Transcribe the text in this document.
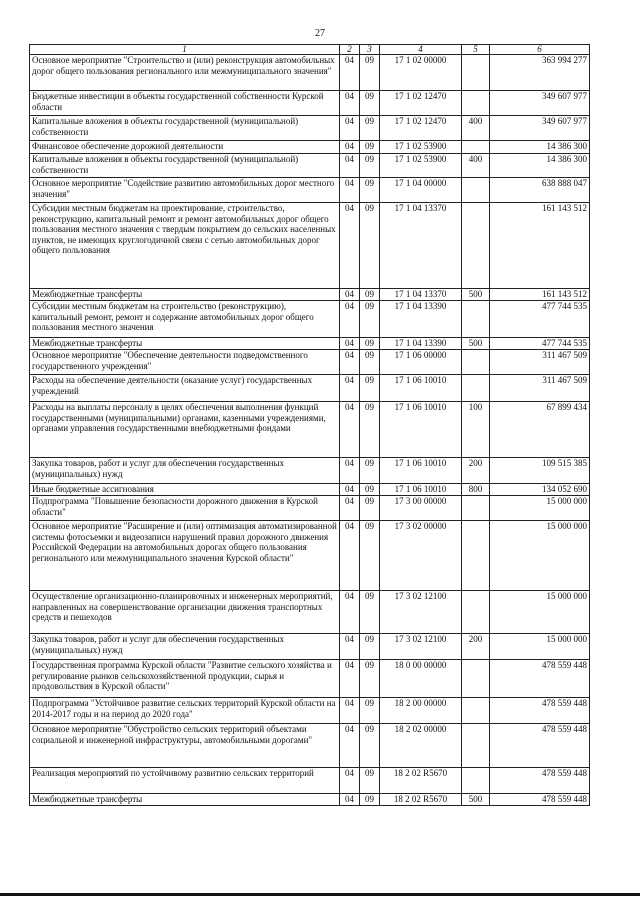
27
1	2	3	4	5	6
Основное мероприятие "Строительство и (или) реконструкция автомобильных дорог общего пользования регионального или межмуниципального значения"	04	09	17 1 02 00000		363 994 277
Бюджетные инвестиции в объекты государственной собственности Курской области	04	09	17 1 02 12470		349 607 977
Капитальные вложения в объекты государственной (муниципальной) собственности	04	09	17 1 02 12470	400	349 607 977
Финансовое обеспечение дорожной деятельности	04	09	17 1 02 53900		14 386 300
Капитальные вложения в объекты государственной (муниципальной) собственности	04	09	17 1 02 53900	400	14 386 300
Основное мероприятие "Содействие развитию автомобильных дорог местного значения"	04	09	17 1 04 00000		638 888 047
Субсидии местным бюджетам на проектирование, строительство, реконструкцию, капитальный ремонт и ремонт автомобильных дорог общего пользования местного значения с твердым покрытием до сельских населенных пунктов, не имеющих круглогодичной связи с сетью автомобильных дорог общего пользования	04	09	17 1 04 13370		161 143 512
Межбюджетные трансферты	04	09	17 1 04 13370	500	161 143 512
Субсидии местным бюджетам на строительство (реконструкцию), капитальный ремонт, ремонт и содержание автомобильных дорог общего пользования местного значения	04	09	17 1 04 13390		477 744 535
Межбюджетные трансферты	04	09	17 1 04 13390	500	477 744 535
Основное мероприятие "Обеспечение деятельности подведомственного государственного учреждения"	04	09	17 1 06 00000		311 467 509
Расходы на обеспечение деятельности (оказание услуг) государственных учреждений	04	09	17 1 06 10010		311 467 509
Расходы на выплаты персоналу в целях обеспечения выполнения функций государственными (муниципальными) органами, казенными учреждениями, органами управления государственными внебюджетными фондами	04	09	17 1 06 10010	100	67 899 434
Закупка товаров, работ и услуг для обеспечения государственных (муниципальных) нужд	04	09	17 1 06 10010	200	109 515 385
Иные бюджетные ассигнования	04	09	17 1 06 10010	800	134 052 690
Подпрограмма "Повышение безопасности дорожного движения в Курской области"	04	09	17 3 00 00000		15 000 000
Основное мероприятие "Расширение и (или) оптимизация автоматизированной системы фотосъемки и видеозаписи нарушений правил дорожного движения Российской Федерации на автомобильных дорогах общего пользования регионального или межмуниципального значения Курской области"	04	09	17 3 02 00000		15 000 000
Осуществление организационно-планировочных и инженерных мероприятий, направленных на совершенствование организации движения транспортных средств и пешеходов	04	09	17 3 02 12100		15 000 000
Закупка товаров, работ и услуг для обеспечения государственных (муниципальных) нужд	04	09	17 3 02 12100	200	15 000 000
Государственная программа Курской области "Развитие сельского хозяйства и регулирование рынков сельскохозяйственной продукции, сырья и продовольствия в Курской области"	04	09	18 0 00 00000		478 559 448
Подпрограмма "Устойчивое развитие сельских территорий Курской области на 2014-2017 годы и на период до 2020 года"	04	09	18 2 00 00000		478 559 448
Основное мероприятие "Обустройство сельских территорий объектами социальной и инженерной инфраструктуры, автомобильными дорогами"	04	09	18 2 02 00000		478 559 448
Реализация мероприятий по устойчивому развитию сельских территорий	04	09	18 2 02 R5670		478 559 448
Межбюджетные трансферты	04	09	18 2 02 R5670	500	478 559 448
